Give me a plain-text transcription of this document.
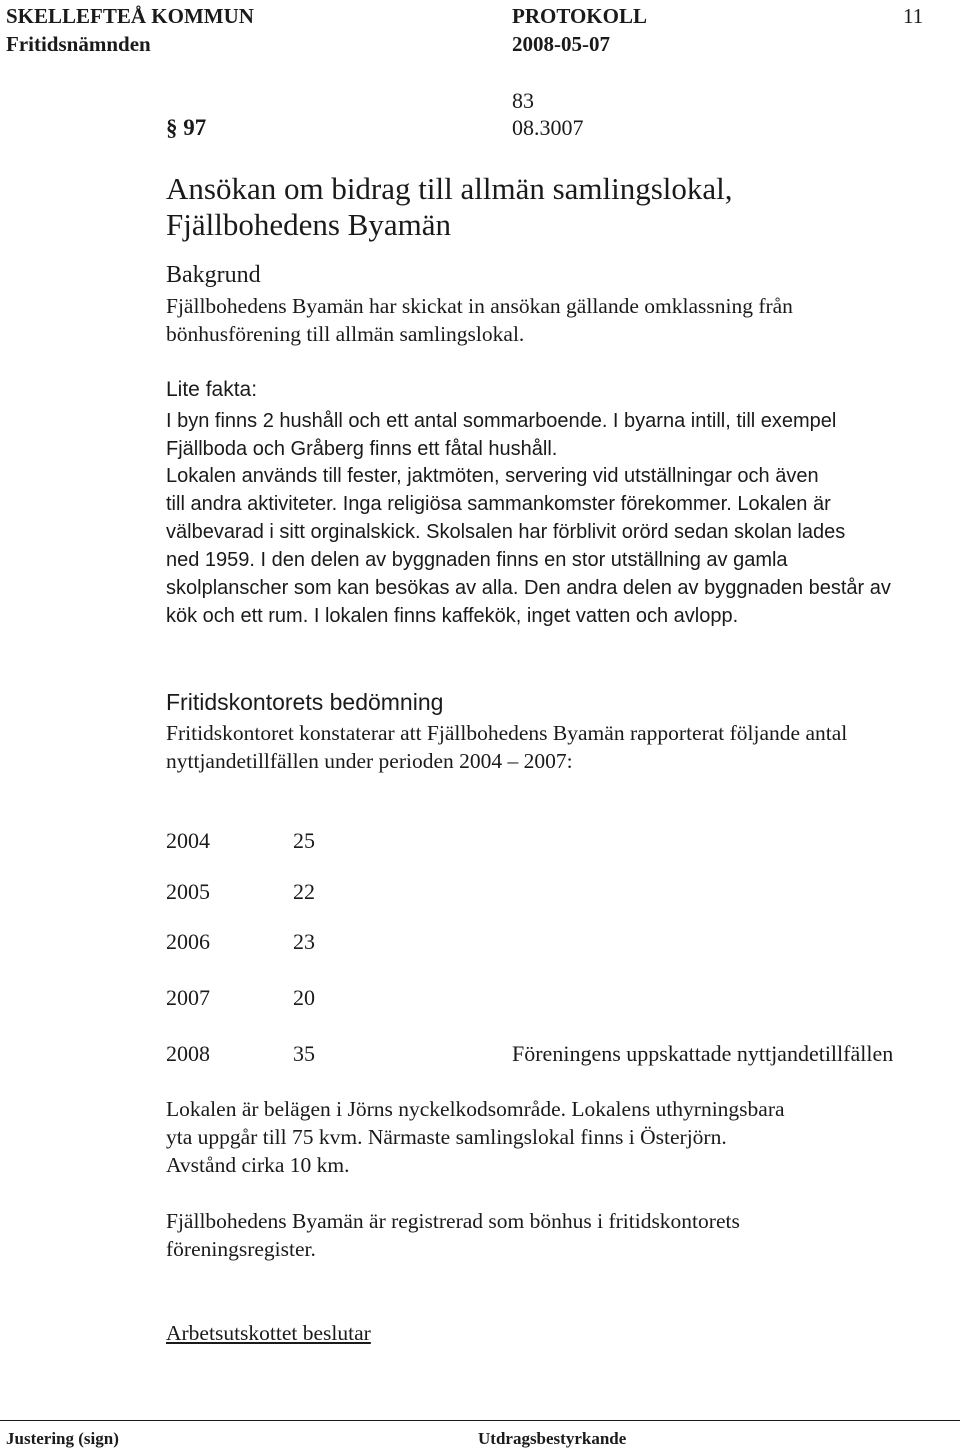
SKELLEFTEÅ KOMMUN	PROTOKOLL	11
Fritidsnämnden	2008-05-07
83
§ 97	08.3007
Ansökan om bidrag till allmän samlingslokal,
Fjällbohedens Byamän
Bakgrund
Fjällbohedens Byamän har skickat in ansökan gällande omklassning från
bönhusförening till allmän samlingslokal.
Lite fakta:
I byn finns 2 hushåll och ett antal sommarboende. I byarna intill, till exempel
Fjällboda och Gråberg finns ett fåtal hushåll.
Lokalen används till fester, jaktmöten, servering vid utställningar och även
till andra aktiviteter. Inga religiösa sammankomster förekommer. Lokalen är
välbevarad i sitt orginalskick. Skolsalen har förblivit orörd sedan skolan lades
ned 1959. I den delen av byggnaden finns en stor utställning av gamla
skolplanscher som kan besökas av alla. Den andra delen av byggnaden består av
kök och ett rum. I lokalen finns kaffekök, inget vatten och avlopp.
Fritidskontorets bedömning
Fritidskontoret konstaterar att Fjällbohedens Byamän rapporterat följande antal
nyttjandetillfällen under perioden 2004 – 2007:
2004	25
2005	22
2006	23
2007	20
2008	35	Föreningens uppskattade nyttjandetillfällen
Lokalen är belägen i Jörns nyckelkodsområde. Lokalens uthyrningsbara
yta uppgår till 75 kvm. Närmaste samlingslokal finns i Österjörn.
Avstånd cirka 10 km.
Fjällbohedens Byamän är registrerad som bönhus i fritidskontorets
föreningsregister.
Arbetsutskottet beslutar
Justering (sign)	Utdragsbestyrkande
